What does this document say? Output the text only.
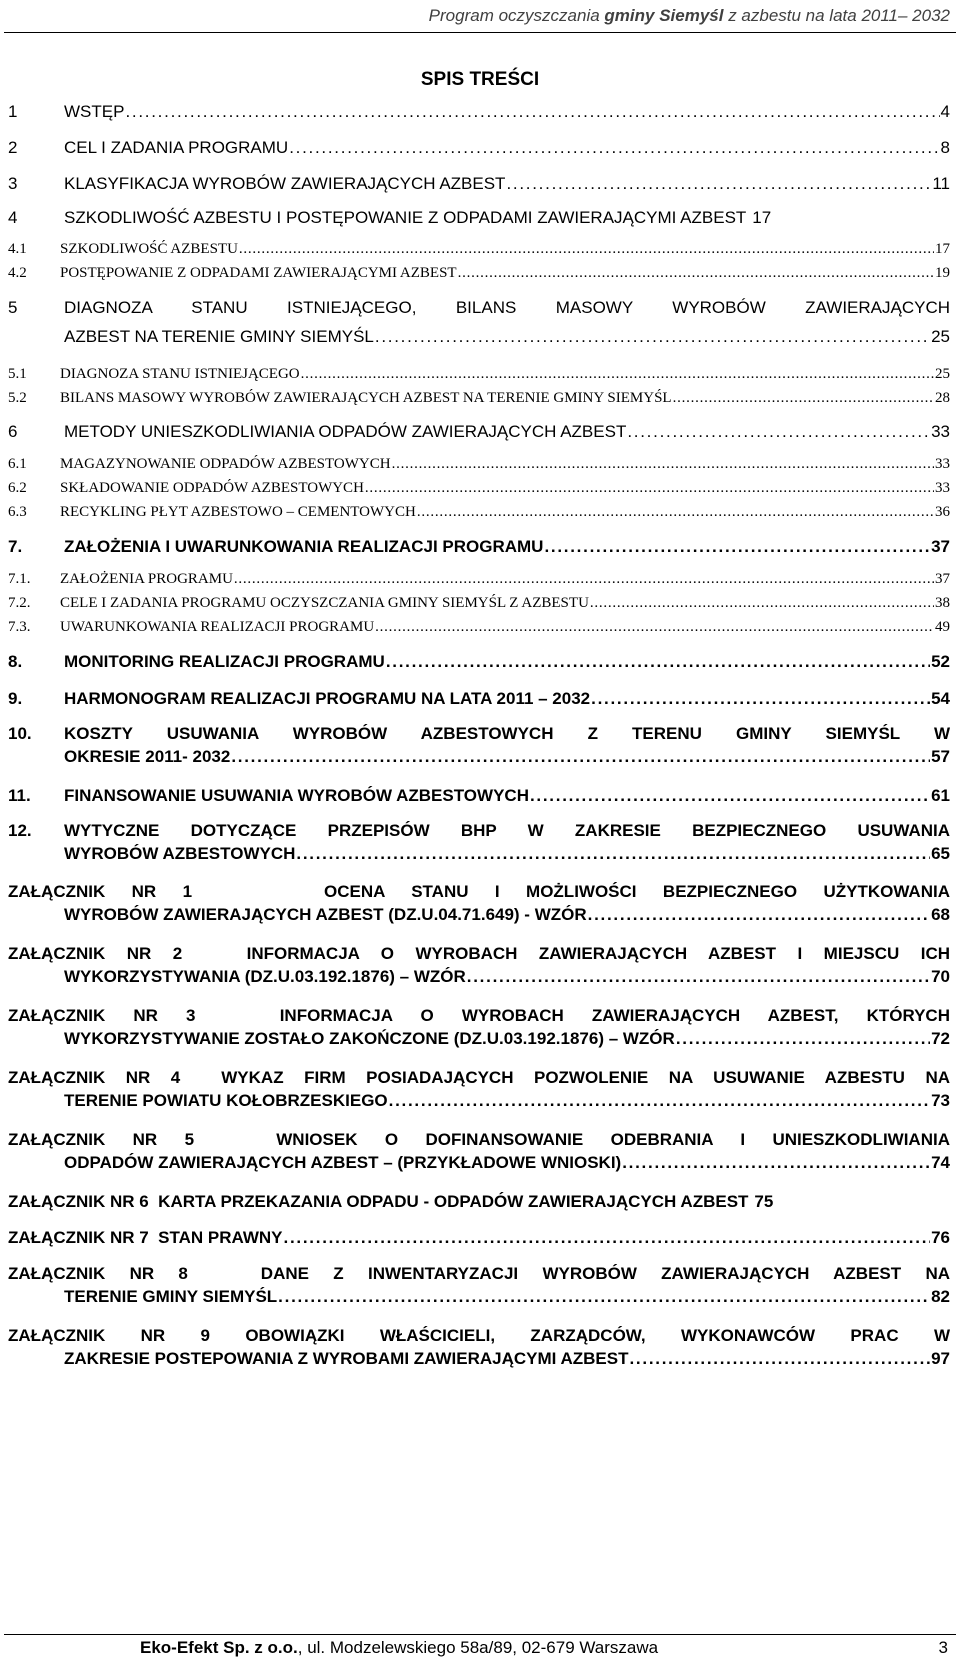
Program oczyszczania gminy Siemyśl z azbestu na lata 2011– 2032
SPIS TREŚCI
1	WSTĘP . . .	4
2	CEL I ZADANIA PROGRAMU . . .	8
3	KLASYFIKACJA WYROBÓW ZAWIERAJĄCYCH AZBEST . . .	11
4	SZKODLIWOŚĆ AZBESTU I POSTĘPOWANIE Z ODPADAMI ZAWIERAJĄCYMI AZBEST 17
4.1	SZKODLIWOŚĆ AZBESTU . . .	17
4.2	POSTĘPOWANIE Z ODPADAMI ZAWIERAJĄCYMI AZBEST . . .	19
5	DIAGNOZA STANU ISTNIEJĄCEGO, BILANS MASOWY WYROBÓW ZAWIERAJĄCYCH
AZBEST NA TERENIE GMINY SIEMYŚL . . .	25
5.1	DIAGNOZA STANU ISTNIEJĄCEGO . . .	25
5.2	BILANS MASOWY WYROBÓW ZAWIERAJĄCYCH AZBEST NA TERENIE GMINY SIEMYŚL . . .	28
6	METODY UNIESZKODLIWIANIA ODPADÓW ZAWIERAJĄCYCH AZBEST . . .	33
6.1	MAGAZYNOWANIE ODPADÓW AZBESTOWYCH . . .	33
6.2	SKŁADOWANIE ODPADÓW AZBESTOWYCH . . .	33
6.3	RECYKLING PŁYT AZBESTOWO – CEMENTOWYCH . . .	36
7.	ZAŁOŻENIA I UWARUNKOWANIA REALIZACJI PROGRAMU . . .	37
7.1.	ZAŁOŻENIA PROGRAMU . . .	37
7.2.	CELE I ZADANIA PROGRAMU OCZYSZCZANIA GMINY SIEMYŚL Z AZBESTU . . .	38
7.3.	UWARUNKOWANIA REALIZACJI PROGRAMU . . .	49
8.	MONITORING REALIZACJI PROGRAMU . . .	52
9.	HARMONOGRAM REALIZACJI PROGRAMU NA LATA 2011 – 2032 . . .	54
10.	KOSZTY USUWANIA WYROBÓW AZBESTOWYCH Z TERENU GMINY SIEMYŚL W
OKRESIE 2011- 2032 . . .	57
11.	FINANSOWANIE USUWANIA WYROBÓW AZBESTOWYCH . . .	61
12.	WYTYCZNE DOTYCZĄCE PRZEPISÓW BHP W ZAKRESIE BEZPIECZNEGO USUWANIA
WYROBÓW AZBESTOWYCH . . .	65
ZAŁĄCZNIK NR 1     OCENA STANU I MOŻLIWOŚCI BEZPIECZNEGO UŻYTKOWANIA
WYROBÓW ZAWIERAJĄCYCH AZBEST (DZ.U.04.71.649) - WZÓR . . .	68
ZAŁĄCZNIK NR 2   INFORMACJA O WYROBACH ZAWIERAJĄCYCH AZBEST I MIEJSCU ICH
WYKORZYSTYWANIA (DZ.U.03.192.1876) – WZÓR . . .	70
ZAŁĄCZNIK NR 3   INFORMACJA O WYROBACH ZAWIERAJĄCYCH AZBEST, KTÓRYCH
WYKORZYSTYWANIE ZOSTAŁO ZAKOŃCZONE (DZ.U.03.192.1876) – WZÓR . . .	72
ZAŁĄCZNIK NR 4  WYKAZ FIRM POSIADAJĄCYCH POZWOLENIE NA USUWANIE AZBESTU NA
TERENIE POWIATU KOŁOBRZESKIEGO . . .	73
ZAŁĄCZNIK NR 5   WNIOSEK O DOFINANSOWANIE ODEBRANIA I UNIESZKODLIWIANIA
ODPADÓW ZAWIERAJĄCYCH AZBEST – (PRZYKŁADOWE WNIOSKI) . . .	74
ZAŁĄCZNIK NR 6  KARTA PRZEKAZANIA ODPADU - ODPADÓW ZAWIERAJĄCYCH AZBEST 75
ZAŁĄCZNIK NR 7  STAN PRAWNY . . .	76
ZAŁĄCZNIK NR 8   DANE Z INWENTARYZACJI WYROBÓW ZAWIERAJĄCYCH AZBEST NA
TERENIE GMINY SIEMYŚL . . .	82
ZAŁĄCZNIK NR 9 OBOWIĄZKI WŁAŚCICIELI, ZARZĄDCÓW, WYKONAWCÓW PRAC W
ZAKRESIE POSTEPOWANIA Z WYROBAMI ZAWIERAJĄCYMI AZBEST . . .	97
Eko-Efekt Sp. z o.o., ul. Modzelewskiego 58a/89, 02-679 Warszawa	3
